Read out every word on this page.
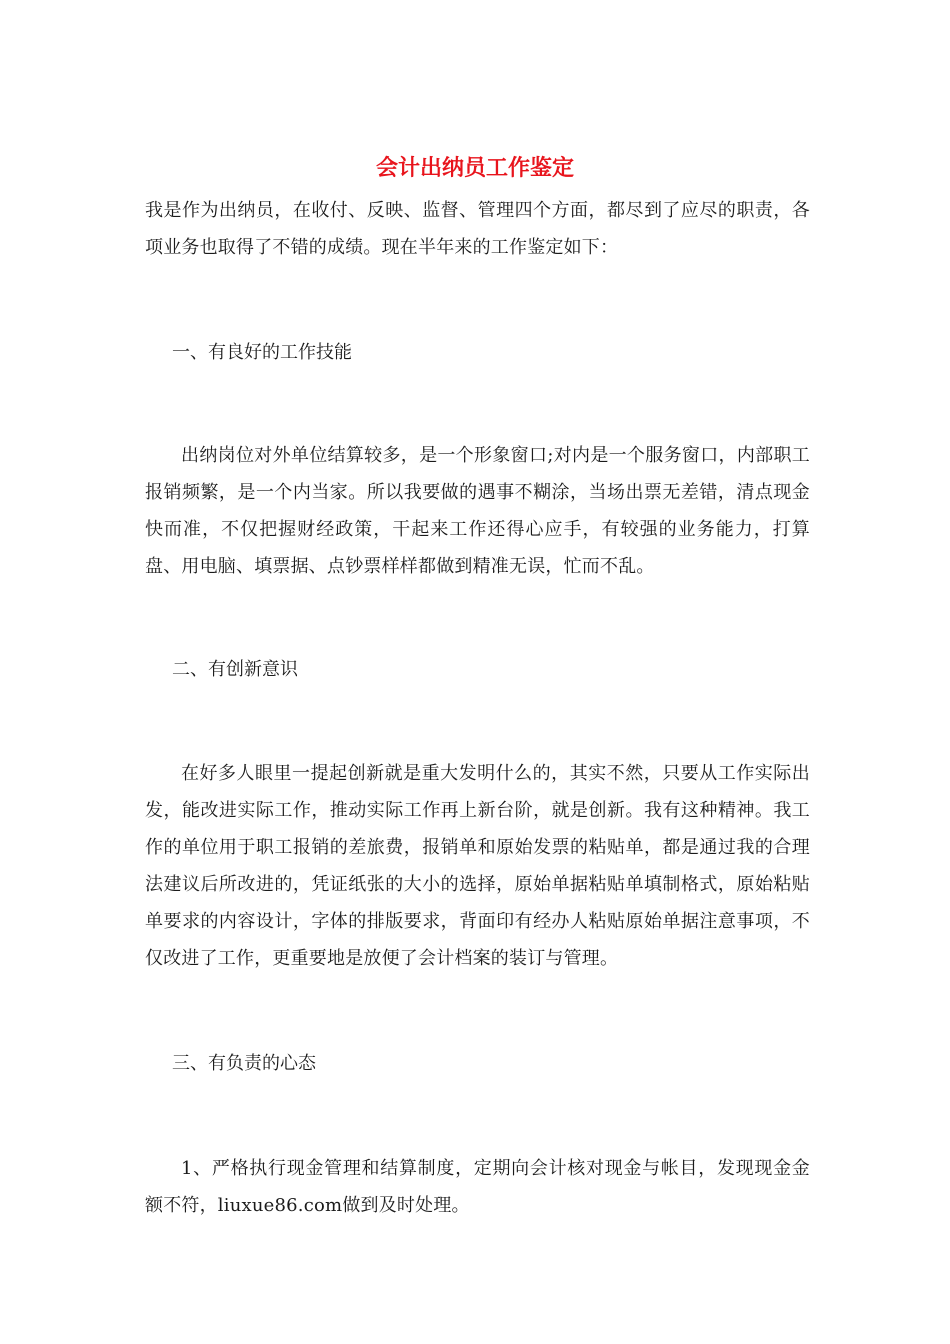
会计出纳员工作鉴定

我是作为出纳员，在收付、反映、监督、管理四个方面，都尽到了应尽的职责，各项业务也取得了不错的成绩。现在半年来的工作鉴定如下：

一、有良好的工作技能

出纳岗位对外单位结算较多，是一个形象窗口;对内是一个服务窗口，内部职工报销频繁，是一个内当家。所以我要做的遇事不糊涂，当场出票无差错，清点现金快而准，不仅把握财经政策，干起来工作还得心应手，有较强的业务能力，打算盘、用电脑、填票据、点钞票样样都做到精准无误，忙而不乱。

二、有创新意识

在好多人眼里一提起创新就是重大发明什么的，其实不然，只要从工作实际出发，能改进实际工作，推动实际工作再上新台阶，就是创新。我有这种精神。我工作的单位用于职工报销的差旅费，报销单和原始发票的粘贴单，都是通过我的合理法建议后所改进的，凭证纸张的大小的选择，原始单据粘贴单填制格式，原始粘贴单要求的内容设计，字体的排版要求，背面印有经办人粘贴原始单据注意事项，不仅改进了工作，更重要地是放便了会计档案的装订与管理。

三、有负责的心态

1、严格执行现金管理和结算制度，定期向会计核对现金与帐目，发现现金金额不符，liuxue86.com做到及时处理。
